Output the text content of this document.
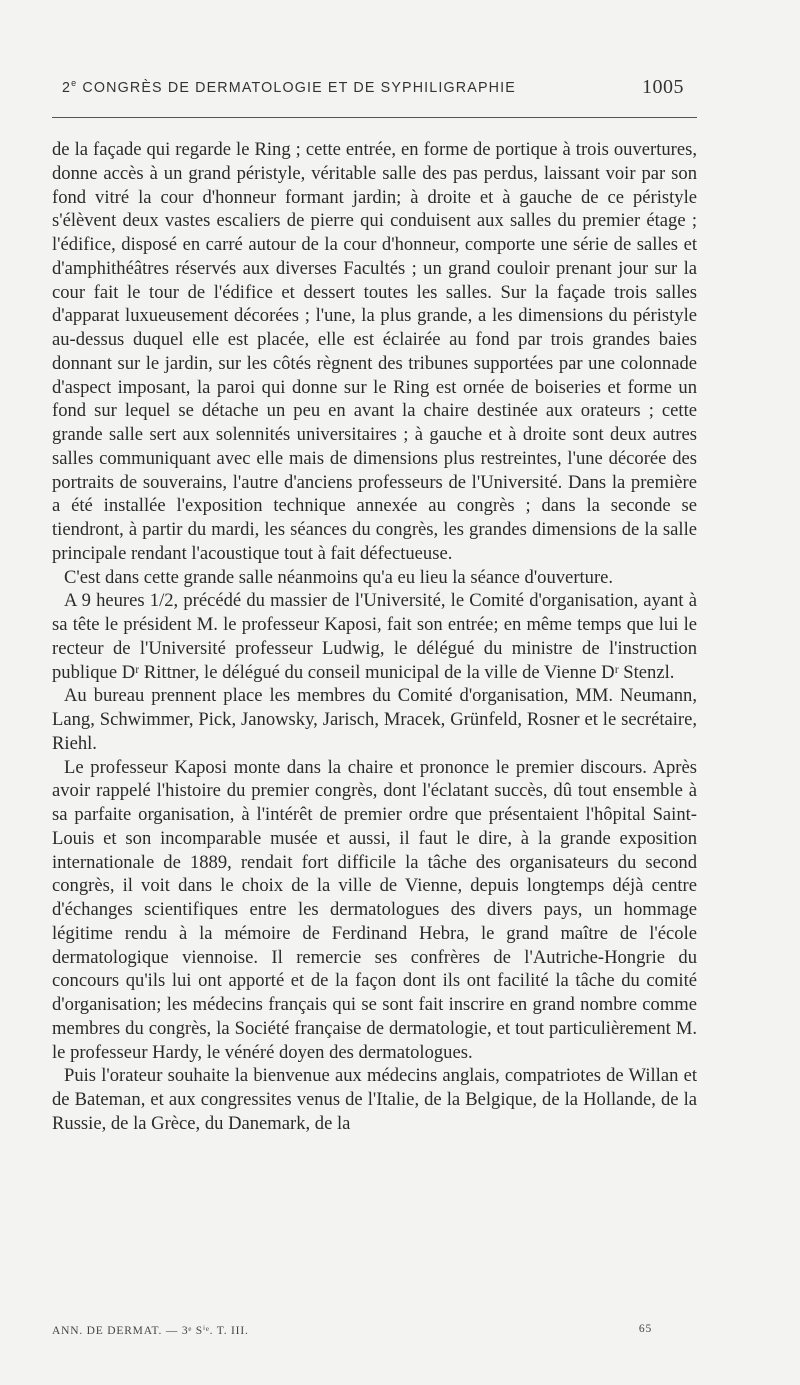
2e CONGRÈS DE DERMATOLOGIE ET DE SYPHILIGRAPHIE	1005

de la façade qui regarde le Ring ; cette entrée, en forme de portique à trois ouvertures, donne accès à un grand péristyle, véritable salle des pas perdus, laissant voir par son fond vitré la cour d'honneur formant jardin; à droite et à gauche de ce péristyle s'élèvent deux vastes escaliers de pierre qui conduisent aux salles du premier étage ; l'édifice, disposé en carré autour de la cour d'honneur, comporte une série de salles et d'amphithéâtres réservés aux diverses Facultés ; un grand couloir prenant jour sur la cour fait le tour de l'édifice et dessert toutes les salles. Sur la façade trois salles d'apparat luxueusement décorées ; l'une, la plus grande, a les dimensions du péristyle au-dessus duquel elle est placée, elle est éclairée au fond par trois grandes baies donnant sur le jardin, sur les côtés règnent des tribunes supportées par une colonnade d'aspect imposant, la paroi qui donne sur le Ring est ornée de boiseries et forme un fond sur lequel se détache un peu en avant la chaire destinée aux orateurs ; cette grande salle sert aux solennités universitaires ; à gauche et à droite sont deux autres salles communiquant avec elle mais de dimensions plus restreintes, l'une décorée des portraits de souverains, l'autre d'anciens professeurs de l'Université. Dans la première a été installée l'exposition technique annexée au congrès ; dans la seconde se tiendront, à partir du mardi, les séances du congrès, les grandes dimensions de la salle principale rendant l'acoustique tout à fait défectueuse.

C'est dans cette grande salle néanmoins qu'a eu lieu la séance d'ouverture.

A 9 heures 1/2, précédé du massier de l'Université, le Comité d'organisation, ayant à sa tête le président M. le professeur Kaposi, fait son entrée; en même temps que lui le recteur de l'Université professeur Ludwig, le délégué du ministre de l'instruction publique Dʳ Rittner, le délégué du conseil municipal de la ville de Vienne Dʳ Stenzl.

Au bureau prennent place les membres du Comité d'organisation, MM. Neumann, Lang, Schwimmer, Pick, Janowsky, Jarisch, Mracek, Grünfeld, Rosner et le secrétaire, Riehl.

Le professeur Kaposi monte dans la chaire et prononce le premier discours. Après avoir rappelé l'histoire du premier congrès, dont l'éclatant succès, dû tout ensemble à sa parfaite organisation, à l'intérêt de premier ordre que présentaient l'hôpital Saint-Louis et son incomparable musée et aussi, il faut le dire, à la grande exposition internationale de 1889, rendait fort difficile la tâche des organisateurs du second congrès, il voit dans le choix de la ville de Vienne, depuis longtemps déjà centre d'échanges scientifiques entre les dermatologues des divers pays, un hommage légitime rendu à la mémoire de Ferdinand Hebra, le grand maître de l'école dermatologique viennoise. Il remercie ses confrères de l'Autriche-Hongrie du concours qu'ils lui ont apporté et de la façon dont ils ont facilité la tâche du comité d'organisation; les médecins français qui se sont fait inscrire en grand nombre comme membres du congrès, la Société française de dermatologie, et tout particulièrement M. le professeur Hardy, le vénéré doyen des dermatologues.

Puis l'orateur souhaite la bienvenue aux médecins anglais, compatriotes de Willan et de Bateman, et aux congressites venus de l'Italie, de la Belgique, de la Hollande, de la Russie, de la Grèce, du Danemark, de la

ANN. DE DERMAT. — 3ᵉ Sⁱᵉ. T. III.	65
